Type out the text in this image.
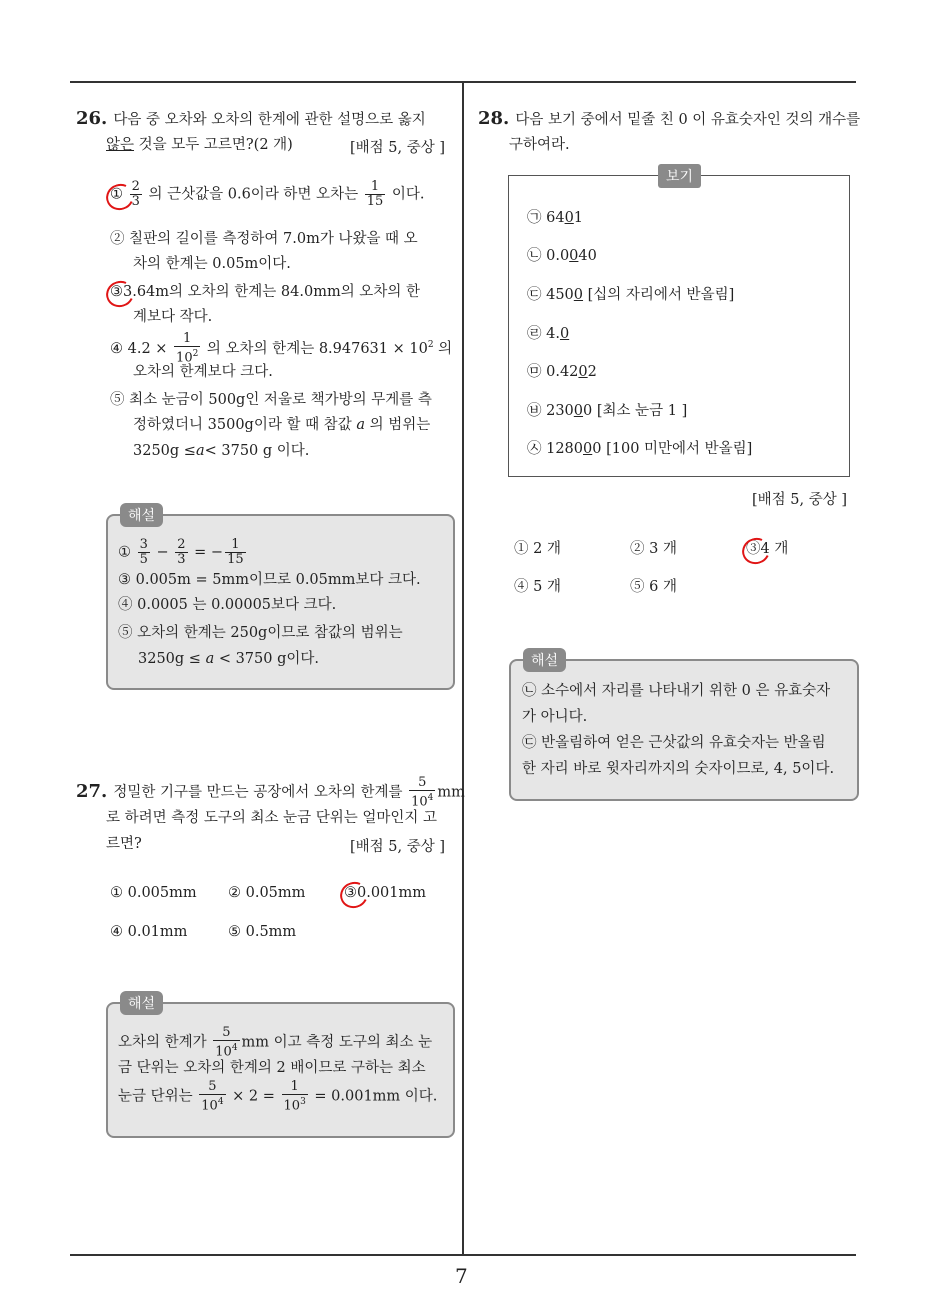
7
26. 다음 중 오차와 오차의 한계에 관한 설명으로 옳지
않은 것을 모두 고르면?(2 개)	[배점 5, 중상 ]
① $\frac{2}{3}$ 의 근삿값을 0.6이라 하면 오차는 $\frac{1}{15}$ 이다.
② 칠판의 길이를 측정하여 7.0m가 나왔을 때 오
차의 한계는 0.05m이다.
③3.64m의 오차의 한계는 84.0mm의 오차의 한
계보다 작다.
④ $4.2 \times \frac{1}{10^2}$ 의 오차의 한계는 $8.947631 \times 10^2$ 의
오차의 한계보다 크다.
⑤ 최소 눈금이 500g인 저울로 책가방의 무게를 측
정하였더니 3500g이라 할 때 참값 a 의 범위는
3250g ≤a< 3750 g 이다.
해설
① $\frac{3}{5} - \frac{2}{3}$ = − $\frac{1}{15}$
③ 0.005m = 5mm이므로 0.05mm보다 크다.
④ 0.0005 는 0.00005보다 크다.
⑤ 오차의 한계는 250g이므로 참값의 범위는
3250g ≤ a < 3750 g이다.
27. 정밀한 기구를 만드는 공장에서 오차의 한계를 $\frac{5}{10^4}$ mm
로 하려면 측정 도구의 최소 눈금 단위는 얼마인지 고
르면?	[배점 5, 중상 ]
① 0.005mm ② 0.05mm	③0.001mm
④ 0.01mm	⑤ 0.5mm
해설
오차의 한계가 $\frac{5}{10^4}$ mm 이고 측정 도구의 최소 눈
금 단위는 오차의 한계의 2 배이므로 구하는 최소
눈금 단위는 $\frac{5}{10^4} \times 2 = \frac{1}{10^3} = 0.001mm$ 이다.
28. 다음 보기 중에서 밑줄 친 0 이 유효숫자인 것의 개수를
구하여라.
보기
㉠ 6401
㉡ 0.0040
㉢ 4500 [십의 자리에서 반올림]
㉣ 4.0
㉤ 0.4202
㉥ 23000 [최소 눈금 1 ]
㉦ 128000 [100 미만에서 반올림]
[배점 5, 중상 ]
① 2 개	② 3 개	③4 개
④ 5 개	⑤ 6 개
해설
㉡ 소수에서 자리를 나타내기 위한 0 은 유효숫자
가 아니다.
㉢ 반올림하여 얻은 근삿값의 유효숫자는 반올림
한 자리 바로 윗자리까지의 숫자이므로, 4, 5이다.
